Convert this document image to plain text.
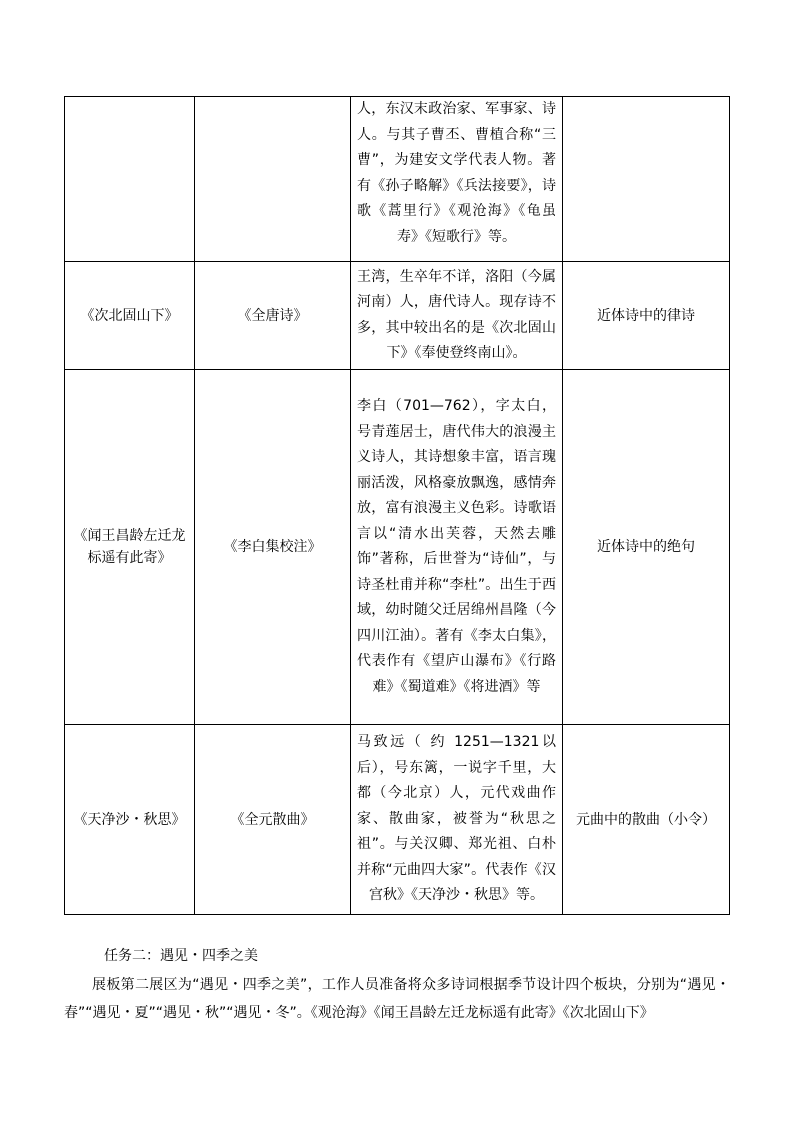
		人，东汉末政治家、军事家、诗人。与其子曹丕、曹植合称“三曹”，为建安文学代表人物。著有《孙子略解》《兵法接要》，诗歌《蒿里行》《观沧海》《龟虽寿》《短歌行》等。	

《次北固山下》	《全唐诗》	王湾，生卒年不详，洛阳（今属河南）人，唐代诗人。现存诗不多，其中较出名的是《次北固山下》《奉使登终南山》。	近体诗中的律诗

《闻王昌龄左迁龙
标遥有此寄》	《李白集校注》	李白（701—762），字太白，号青莲居士，唐代伟大的浪漫主义诗人，其诗想象丰富，语言瑰丽活泼，风格豪放飘逸，感情奔放，富有浪漫主义色彩。诗歌语言以“清水出芙蓉，天然去雕饰”著称，后世誉为“诗仙”，与诗圣杜甫并称“李杜”。出生于西域，幼时随父迁居绵州昌隆（今四川江油）。著有《李太白集》，代表作有《望庐山瀑布》《行路难》《蜀道难》《将进酒》等	近体诗中的绝句

《天净沙・秋思》	《全元散曲》	马致远（ 约 1251—1321以后），号东篱，一说字千里，大都（今北京）人，元代戏曲作家、散曲家，被誉为“秋思之祖”。与关汉卿、郑光祖、白朴并称“元曲四大家”。代表作《汉宫秋》《天净沙・秋思》等。	元曲中的散曲（小令）
任务二：遇见・四季之美

展板第二展区为“遇见・四季之美”，工作人员准备将众多诗词根据季节设计四个板块，分别为“遇见・春”“遇见・夏”“遇见・秋”“遇见・冬”。《观沧海》《闻王昌龄左迁龙标遥有此寄》《次北固山下》
